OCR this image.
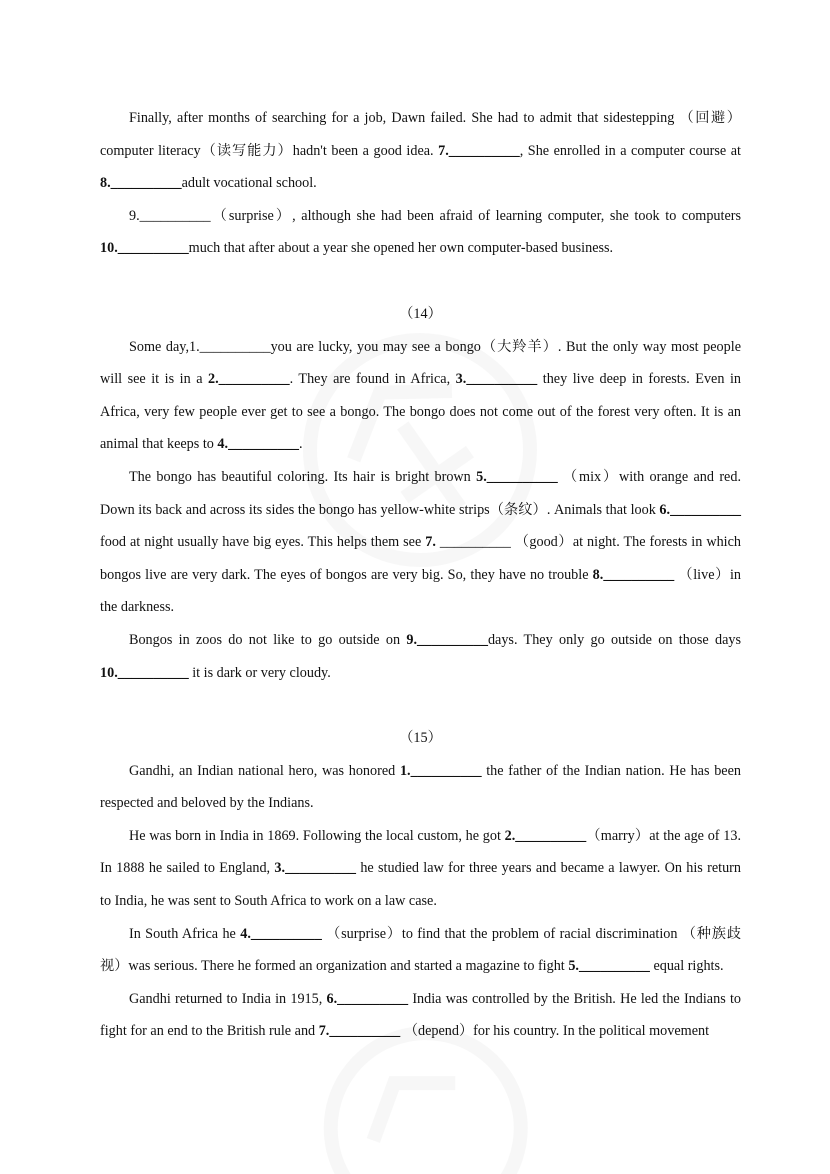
Finally, after months of searching for a job, Dawn failed. She had to admit that sidestepping （回避） computer literacy（读写能力）hadn't been a good idea. 7.__________, She enrolled in a computer course at 8.__________adult vocational school.

9.__________（surprise）, although she had been afraid of learning computer, she took to computers 10.__________much that after about a year she opened her own computer-based business.

（14）

Some day,1.__________you are lucky, you may see a bongo（大羚羊）. But the only way most people will see it is in a 2.__________. They are found in Africa, 3.__________ they live deep in forests. Even in Africa, very few people ever get to see a bongo. The bongo does not come out of the forest very often. It is an animal that keeps to 4.__________.

The bongo has beautiful coloring. Its hair is bright brown 5.__________ （mix）with orange and red. Down its back and across its sides the bongo has yellow-white strips（条纹）. Animals that look 6.__________ food at night usually have big eyes. This helps them see 7. __________ （good）at night. The forests in which bongos live are very dark. The eyes of bongos are very big. So, they have no trouble 8.__________ （live）in the darkness.

Bongos in zoos do not like to go outside on 9.__________days. They only go outside on those days 10.__________ it is dark or very cloudy.

（15）

Gandhi, an Indian national hero, was honored 1.__________ the father of the Indian nation. He has been respected and beloved by the Indians.

He was born in India in 1869. Following the local custom, he got 2.__________（marry）at the age of 13. In 1888 he sailed to England, 3.__________ he studied law for three years and became a lawyer. On his return to India, he was sent to South Africa to work on a law case.

In South Africa he 4.__________ （surprise）to find that the problem of racial discrimination （种族歧视）was serious. There he formed an organization and started a magazine to fight 5.__________ equal rights.

Gandhi returned to India in 1915, 6.__________ India was controlled by the British. He led the Indians to fight for an end to the British rule and 7.__________ （depend）for his country. In the political movement
